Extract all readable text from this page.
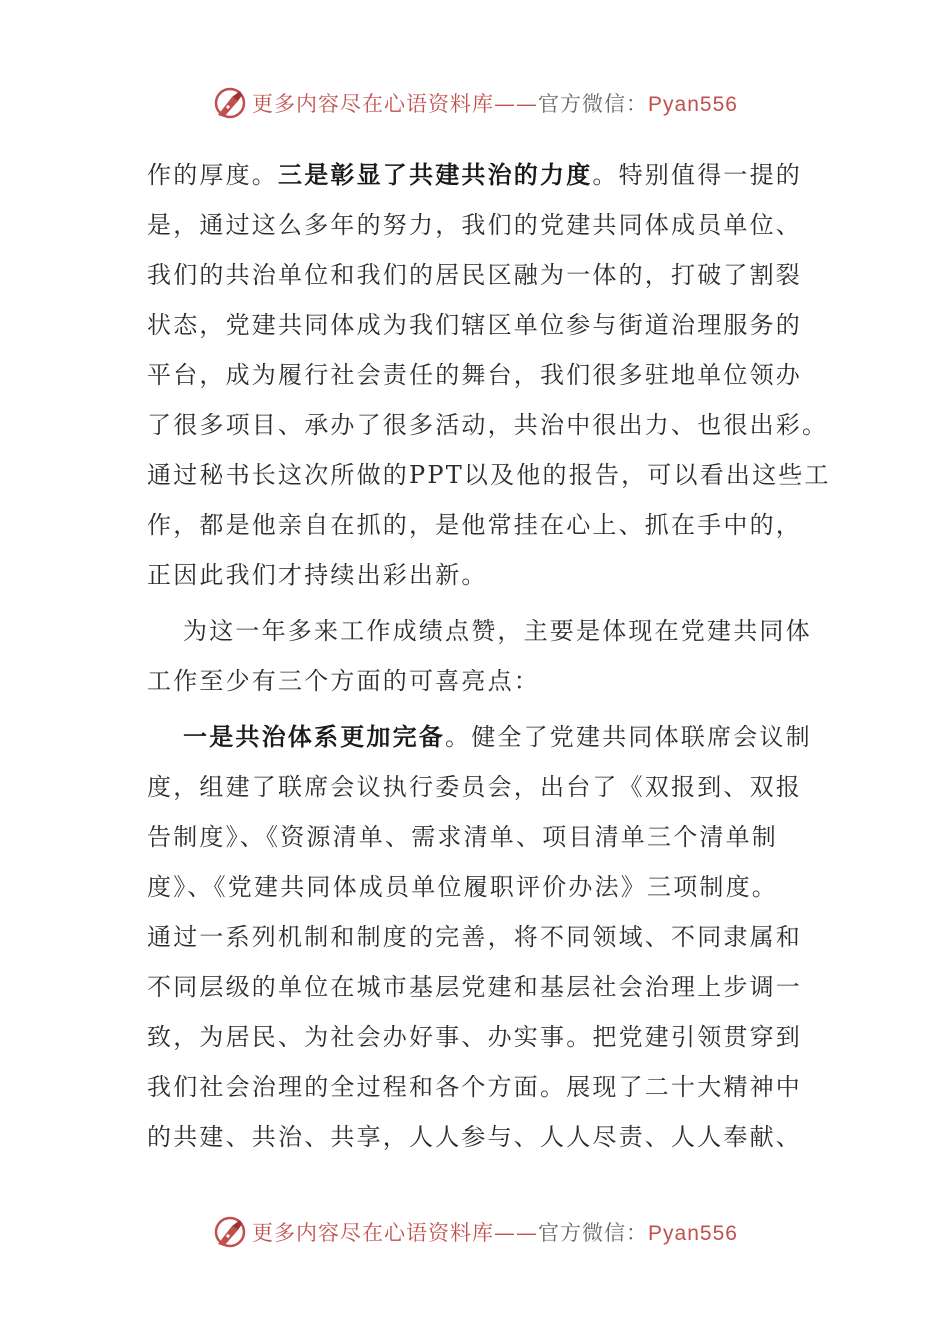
更多内容尽在心语资料库——官方微信：Pyan556
作的厚度。三是彰显了共建共治的力度。特别值得一提的
是，通过这么多年的努力，我们的党建共同体成员单位、
我们的共治单位和我们的居民区融为一体的，打破了割裂
状态，党建共同体成为我们辖区单位参与街道治理服务的
平台，成为履行社会责任的舞台，我们很多驻地单位领办
了很多项目、承办了很多活动，共治中很出力、也很出彩。
通过秘书长这次所做的PPT以及他的报告，可以看出这些工
作，都是他亲自在抓的，是他常挂在心上、抓在手中的，
正因此我们才持续出彩出新。
为这一年多来工作成绩点赞，主要是体现在党建共同体
工作至少有三个方面的可喜亮点：
一是共治体系更加完备。健全了党建共同体联席会议制
度，组建了联席会议执行委员会，出台了《双报到、双报
告制度》、《资源清单、需求清单、项目清单三个清单制
度》、《党建共同体成员单位履职评价办法》三项制度。
通过一系列机制和制度的完善，将不同领域、不同隶属和
不同层级的单位在城市基层党建和基层社会治理上步调一
致，为居民、为社会办好事、办实事。把党建引领贯穿到
我们社会治理的全过程和各个方面。展现了二十大精神中
的共建、共治、共享，人人参与、人人尽责、人人奉献、
更多内容尽在心语资料库——官方微信：Pyan556
